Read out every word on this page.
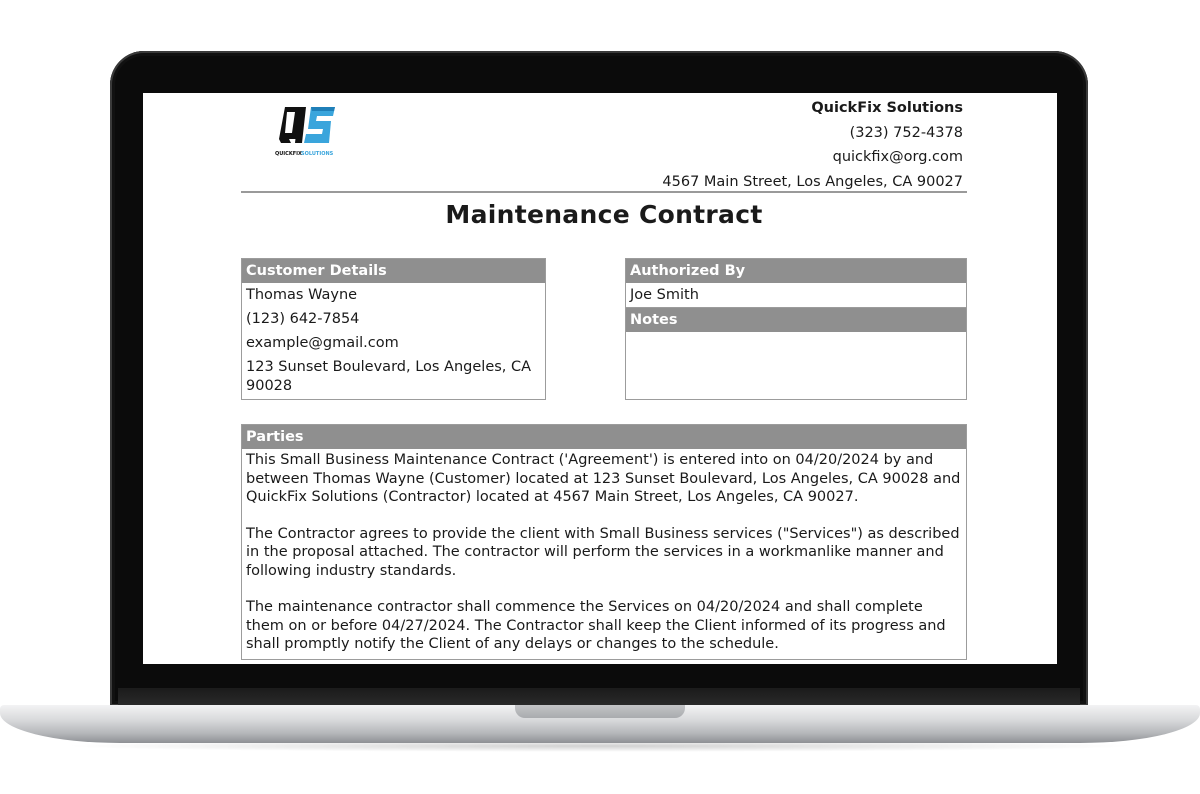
QUICKFIX SOLUTIONS
QuickFix Solutions
(323) 752-4378
quickfix@org.com
4567 Main Street, Los Angeles, CA 90027
Maintenance Contract
Customer Details
Thomas Wayne
(123) 642-7854
example@gmail.com
123 Sunset Boulevard, Los Angeles, CA 90028
Authorized By
Joe Smith
Notes
Parties

This Small Business Maintenance Contract ('Agreement') is entered into on 04/20/2024 by and between Thomas Wayne (Customer) located at 123 Sunset Boulevard, Los Angeles, CA 90028 and QuickFix Solutions (Contractor) located at 4567 Main Street, Los Angeles, CA 90027.

The Contractor agrees to provide the client with Small Business services ("Services") as described in the proposal attached. The contractor will perform the services in a workmanlike manner and following industry standards.

The maintenance contractor shall commence the Services on 04/20/2024 and shall complete them on or before 04/27/2024. The Contractor shall keep the Client informed of its progress and shall promptly notify the Client of any delays or changes to the schedule.
